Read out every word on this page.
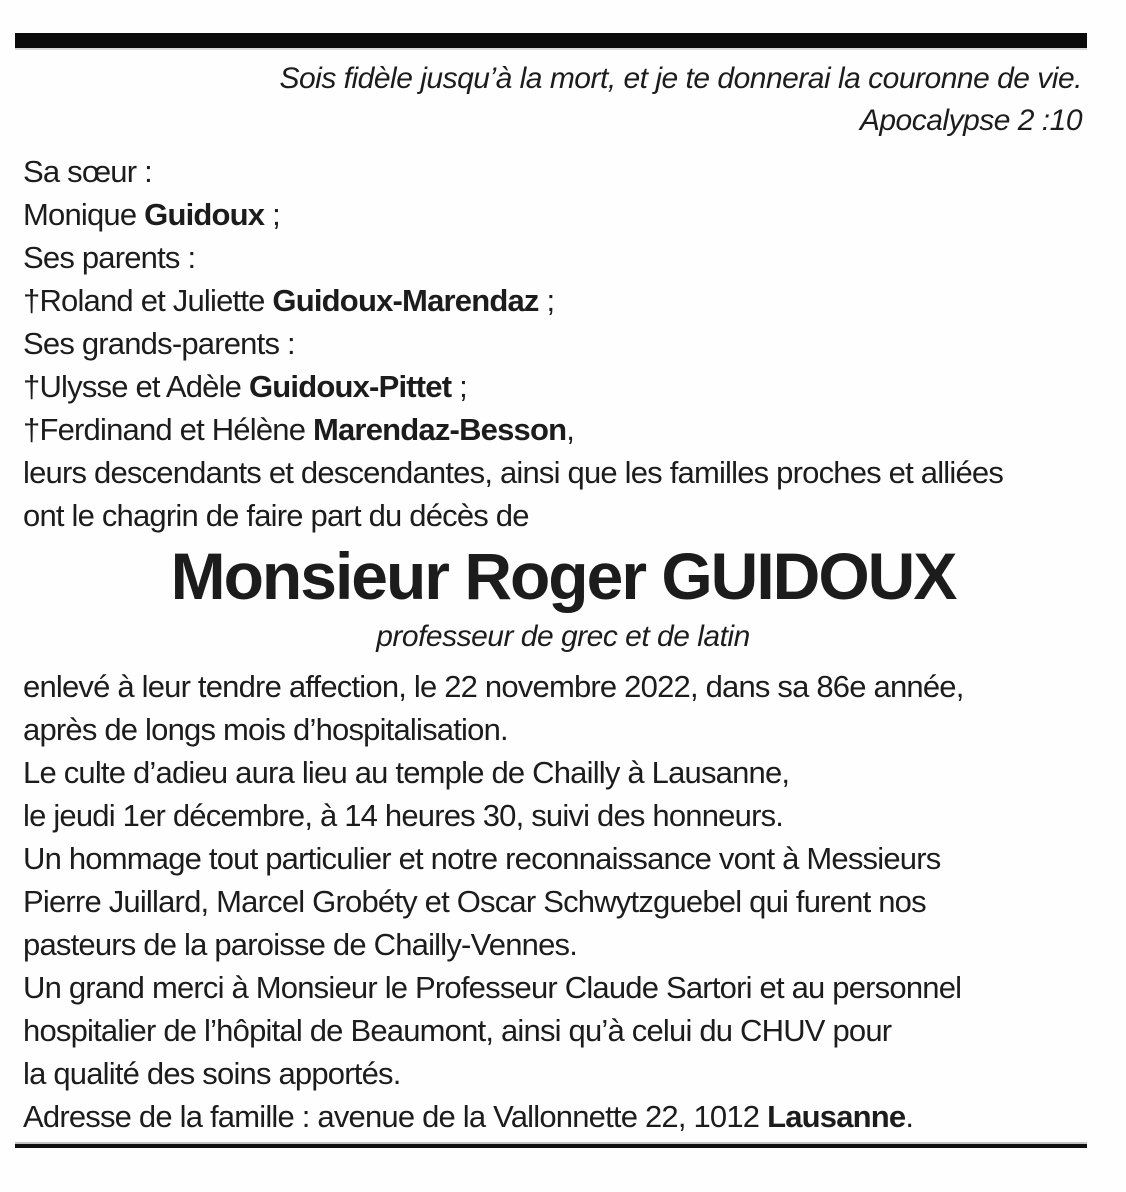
Sois fidèle jusqu’à la mort, et je te donnerai la couronne de vie.
Apocalypse 2 :10
Sa sœur :
Monique Guidoux ;
Ses parents :
†Roland et Juliette Guidoux-Marendaz ;
Ses grands-parents :
†Ulysse et Adèle Guidoux-Pittet ;
†Ferdinand et Hélène Marendaz-Besson,
leurs descendants et descendantes, ainsi que les familles proches et alliées
ont le chagrin de faire part du décès de
Monsieur Roger GUIDOUX
professeur de grec et de latin
enlevé à leur tendre affection, le 22 novembre 2022, dans sa 86e année,
après de longs mois d’hospitalisation.
Le culte d’adieu aura lieu au temple de Chailly à Lausanne,
le jeudi 1er décembre, à 14 heures 30, suivi des honneurs.
Un hommage tout particulier et notre reconnaissance vont à Messieurs
Pierre Juillard, Marcel Grobéty et Oscar Schwytzguebel qui furent nos
pasteurs de la paroisse de Chailly-Vennes.
Un grand merci à Monsieur le Professeur Claude Sartori et au personnel
hospitalier de l’hôpital de Beaumont, ainsi qu’à celui du CHUV pour
la qualité des soins apportés.
Adresse de la famille : avenue de la Vallonnette 22, 1012 Lausanne.
